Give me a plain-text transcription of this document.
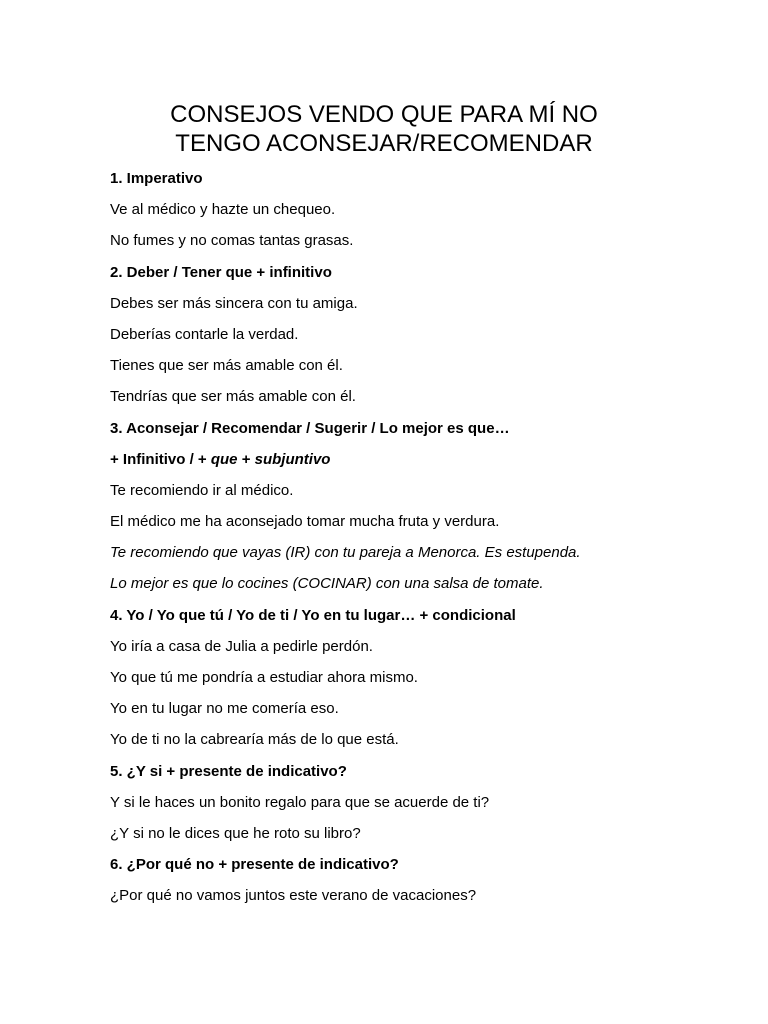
CONSEJOS VENDO QUE PARA MÍ NO
TENGO ACONSEJAR/RECOMENDAR
1. Imperativo
Ve al médico y hazte un chequeo.
No fumes y no comas tantas grasas.
2. Deber / Tener que + infinitivo
Debes ser más sincera con tu amiga.
Deberías contarle la verdad.
Tienes que ser más amable con él.
Tendrías que ser más amable con él.
3. Aconsejar / Recomendar / Sugerir / Lo mejor es que…
+ Infinitivo / + que + subjuntivo
Te recomiendo ir al médico.
El médico me ha aconsejado tomar mucha fruta y verdura.
Te recomiendo que vayas (IR) con tu pareja a Menorca. Es estupenda.
Lo mejor es que lo cocines (COCINAR) con una salsa de tomate.
4. Yo / Yo que tú / Yo de ti / Yo en tu lugar… + condicional
Yo iría a casa de Julia a pedirle perdón.
Yo que tú me pondría a estudiar ahora mismo.
Yo en tu lugar no me comería eso.
Yo de ti no la cabrearía más de lo que está.
5. ¿Y si + presente de indicativo?
Y si le haces un bonito regalo para que se acuerde de ti?
¿Y si no le dices que he roto su libro?
6. ¿Por qué no + presente de indicativo?
¿Por qué no vamos juntos este verano de vacaciones?
